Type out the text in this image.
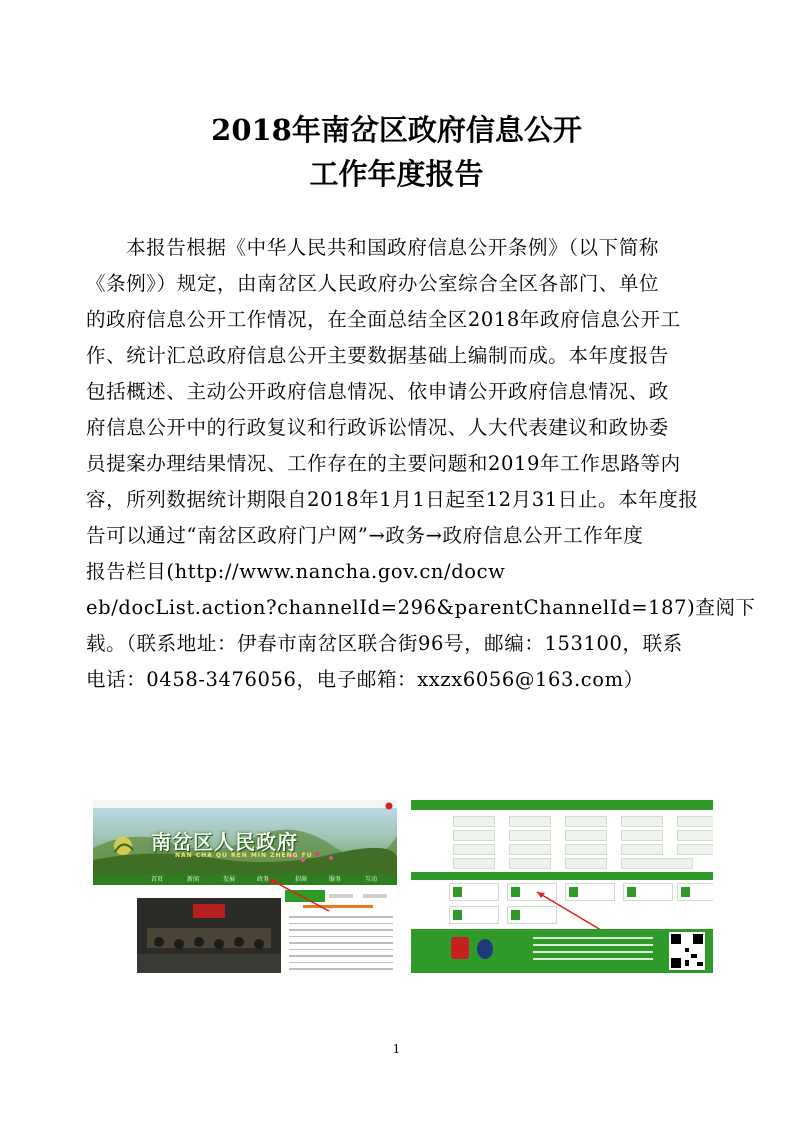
2018年南岔区政府信息公开
工作年度报告
本报告根据《中华人民共和国政府信息公开条例》（以下简称
《条例》）规定，由南岔区人民政府办公室综合全区各部门、单位
的政府信息公开工作情况，在全面总结全区2018年政府信息公开工
作、统计汇总政府信息公开主要数据基础上编制而成。本年度报告
包括概述、主动公开政府信息情况、依申请公开政府信息情况、政
府信息公开中的行政复议和行政诉讼情况、人大代表建议和政协委
员提案办理结果情况、工作存在的主要问题和2019年工作思路等内
容，所列数据统计期限自2018年1月1日起至12月31日止。本年度报
告可以通过“南岔区政府门户网”→政务→政府信息公开工作年度
报告栏目(http://www.nancha.gov.cn/docw
eb/docList.action?channelId=296&parentChannelId=187)查阅下
载。（联系地址：伊春市南岔区联合街96号，邮编：153100，联系
电话：0458-3476056，电子邮箱：xxzx6056@163.com）
南岔区人民政府
NAN CHA QU REN MIN ZHENG FU
首页	新闻	发展	政务	招商	服务	互动
1
